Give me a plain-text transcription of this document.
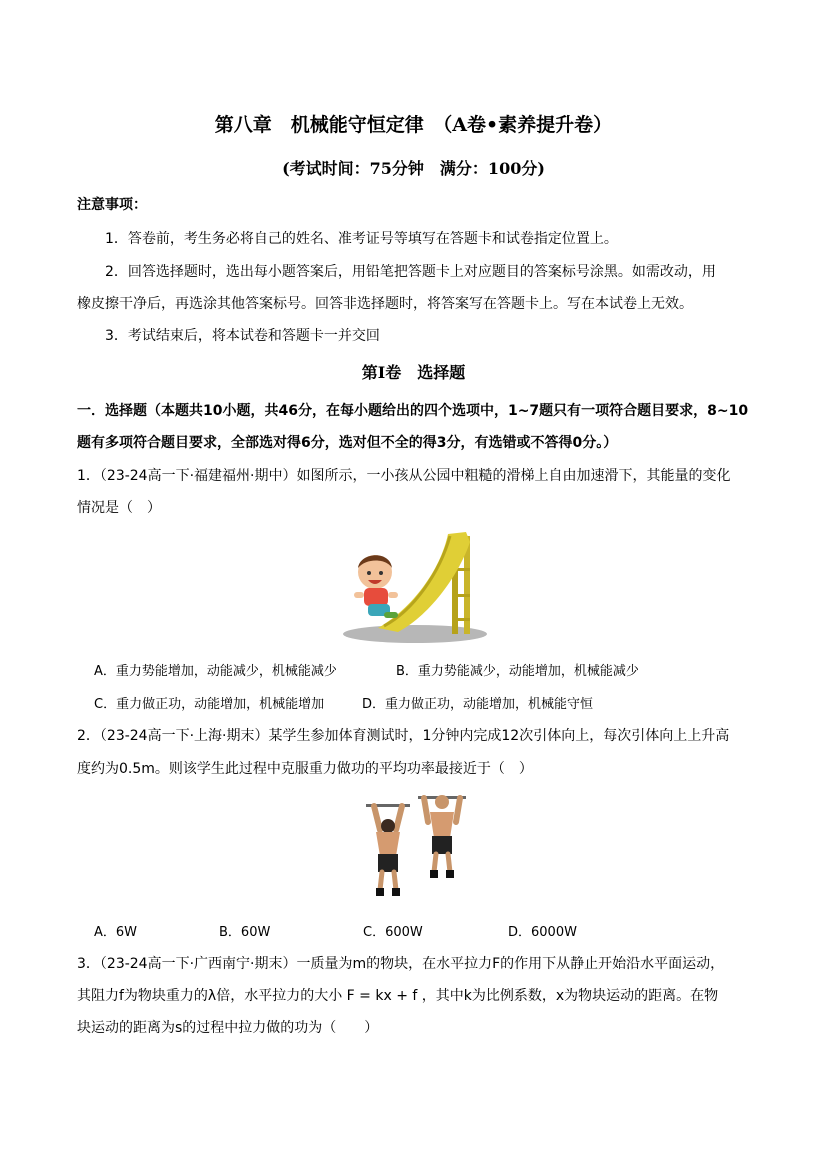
第八章　机械能守恒定律　（A卷•素养提升卷）
(考试时间：75分钟　满分：100分)
注意事项：
1．答卷前，考生务必将自己的姓名、准考证号等填写在答题卡和试卷指定位置上。
2．回答选择题时，选出每小题答案后，用铅笔把答题卡上对应题目的答案标号涂黑。如需改动，用
橡皮擦干净后，再选涂其他答案标号。回答非选择题时，将答案写在答题卡上。写在本试卷上无效。
3．考试结束后，将本试卷和答题卡一并交回
第Ⅰ卷　选择题
一．选择题（本题共10小题，共46分，在每小题给出的四个选项中，1~7题只有一项符合题目要求，8~10
题有多项符合题目要求，全部选对得6分，选对但不全的得3分，有选错或不答得0分。）
1．（23-24高一下·福建福州·期中）如图所示，一小孩从公园中粗糙的滑梯上自由加速滑下，其能量的变化
情况是（　）
A．重力势能增加，动能减少，机械能减少	B．重力势能减少，动能增加，机械能减少
C．重力做正功，动能增加，机械能增加	D．重力做正功，动能增加，机械能守恒
2．（23-24高一下·上海·期末）某学生参加体育测试时，1分钟内完成12次引体向上，每次引体向上上升高
度约为0.5m。则该学生此过程中克服重力做功的平均功率最接近于（　）
A．6W	B．60W	C．600W	D．6000W
3．（23-24高一下·广西南宁·期末）一质量为m的物块，在水平拉力F的作用下从静止开始沿水平面运动，
其阻力f为物块重力的λ倍，水平拉力的大小 F = kx + f ，其中k为比例系数，x为物块运动的距离。在物
块运动的距离为s的过程中拉力做的功为（　　）
